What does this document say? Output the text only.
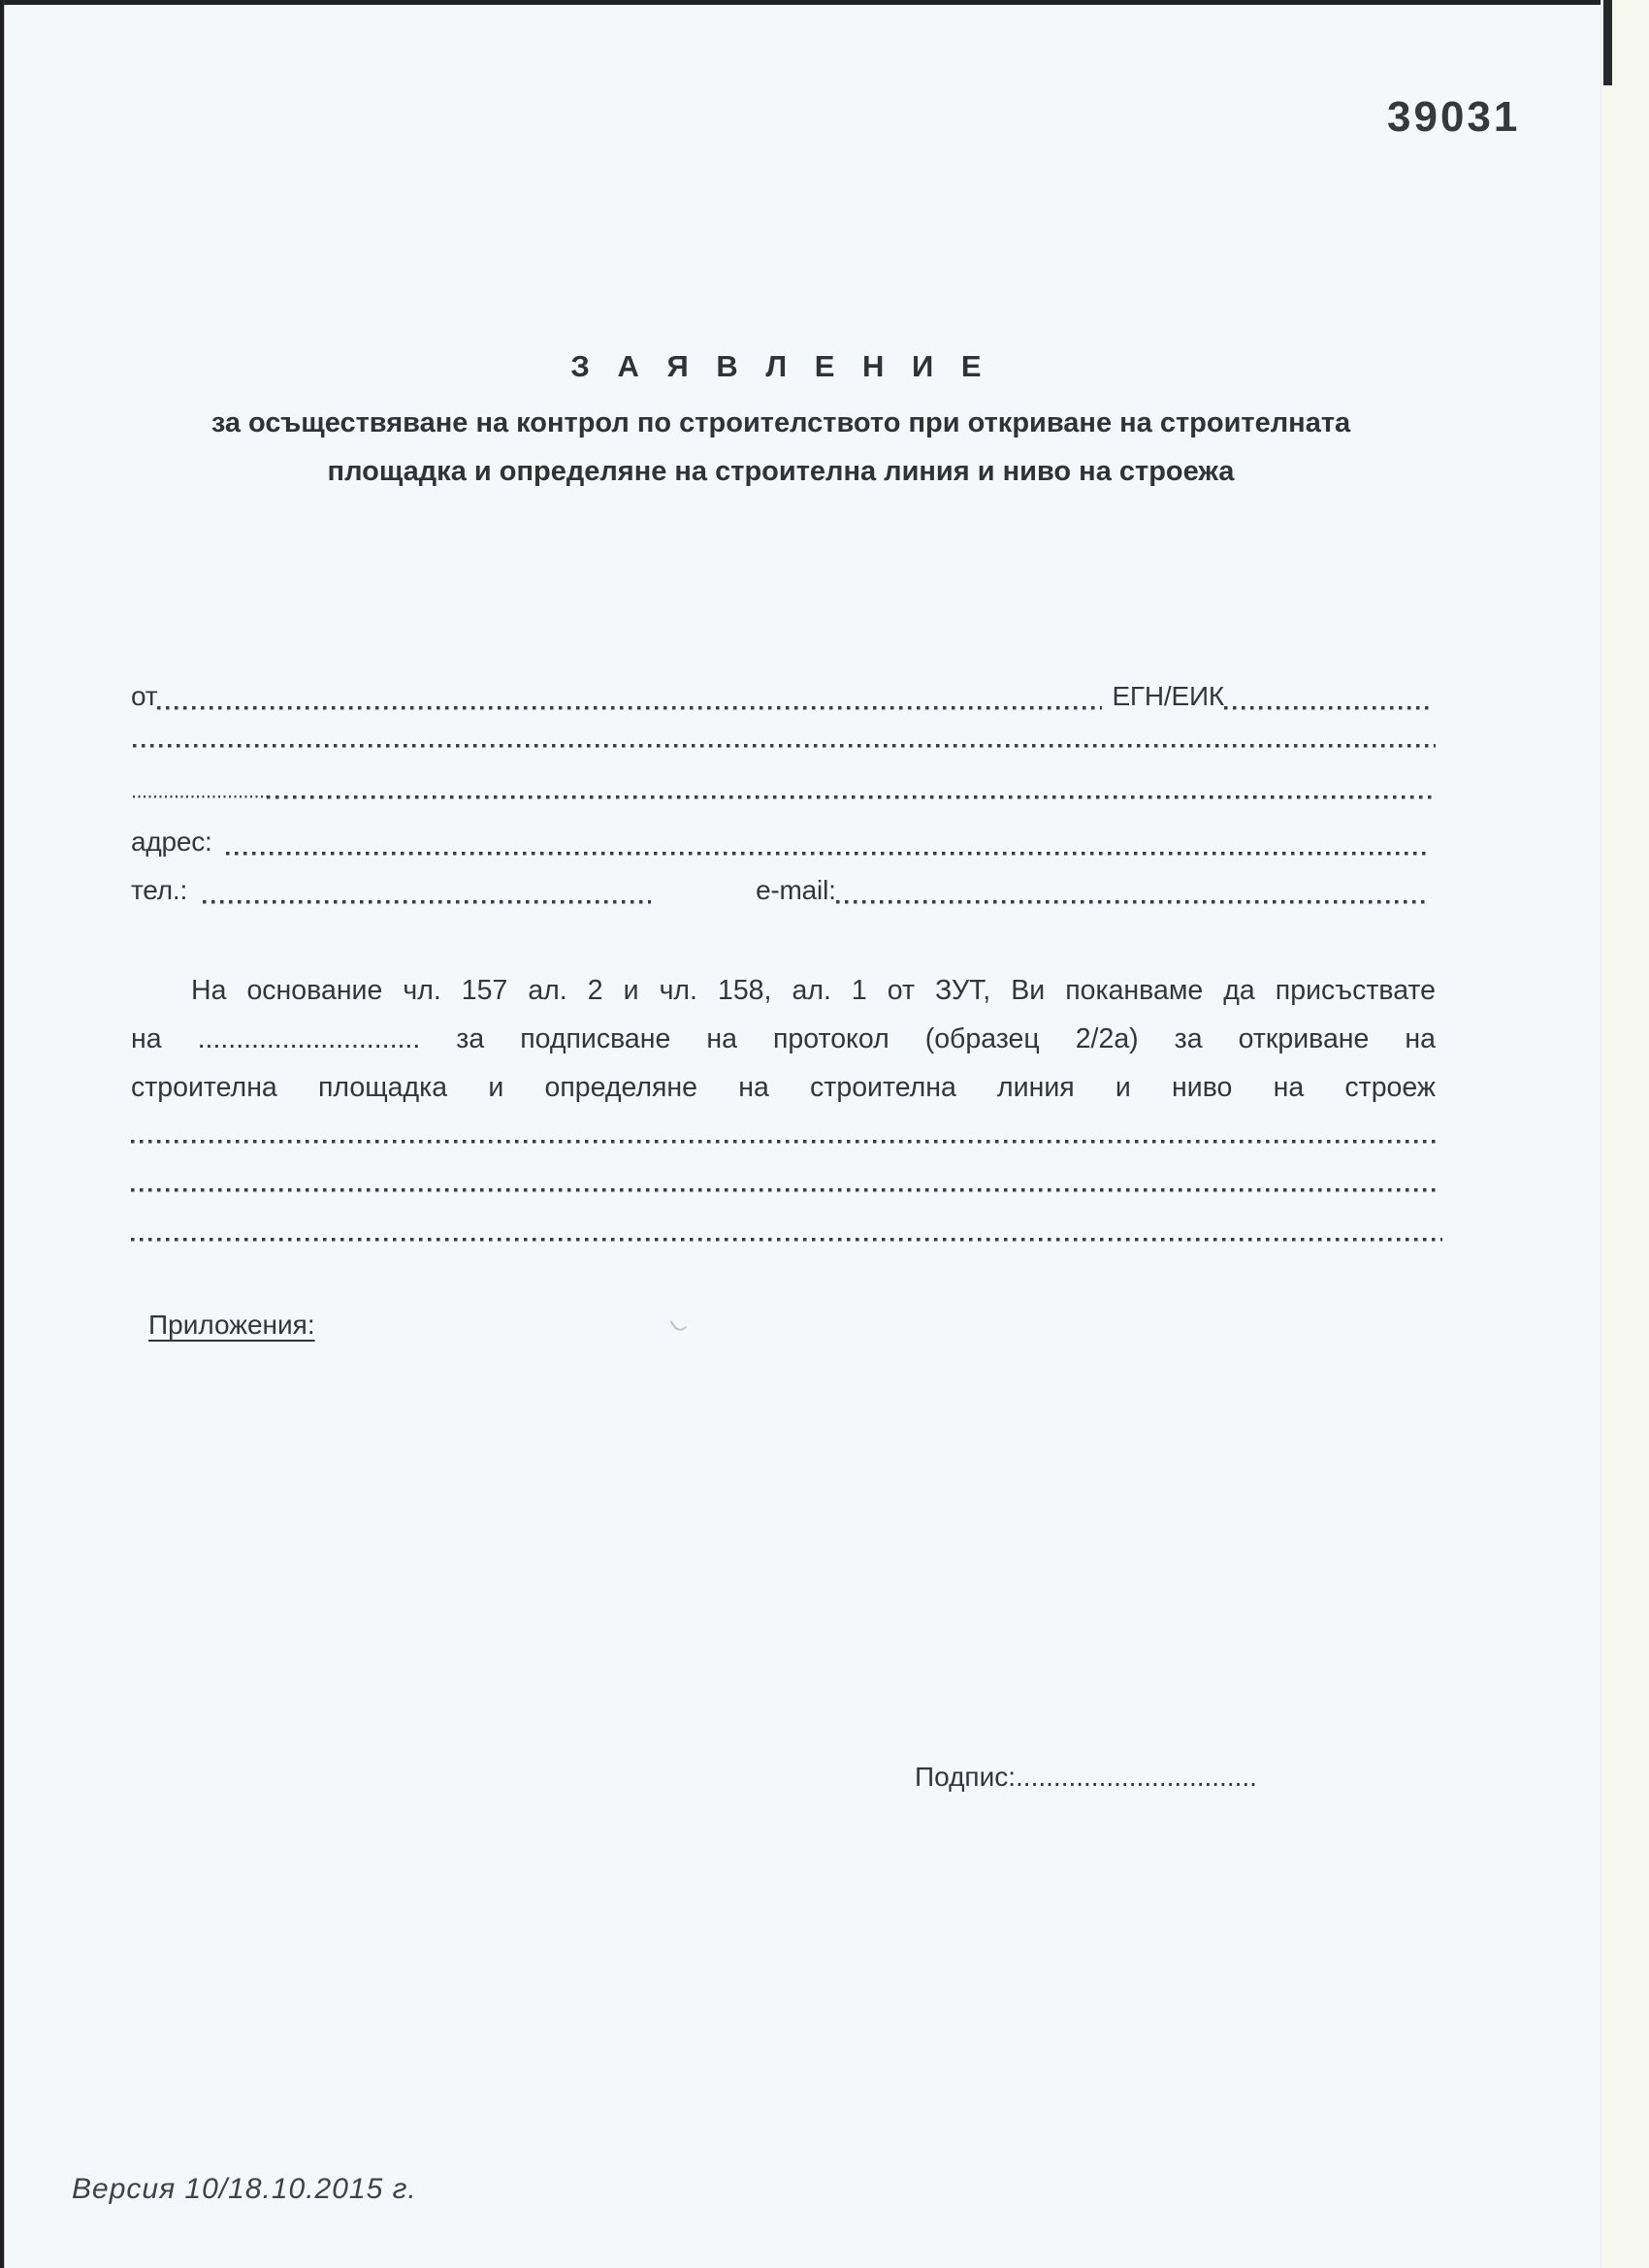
39031
З А Я В Л Е Н И Е
за осъществяване на контрол по строителството при откриване на строителната
площадка и определяне на строителна линия и ниво на строежа
от	ЕГН/ЕИК
адрес:
тел.:	e-mail:
На основание чл. 157 ал. 2 и чл. 158, ал. 1 от ЗУТ, Ви поканваме да присъствате
на ............................. за подписване на протокол (образец 2/2а) за откриване на
строителна площадка и определяне на строителна линия и ниво на строеж
Приложения:
Подпис:................................
Версия 10/18.10.2015 г.
